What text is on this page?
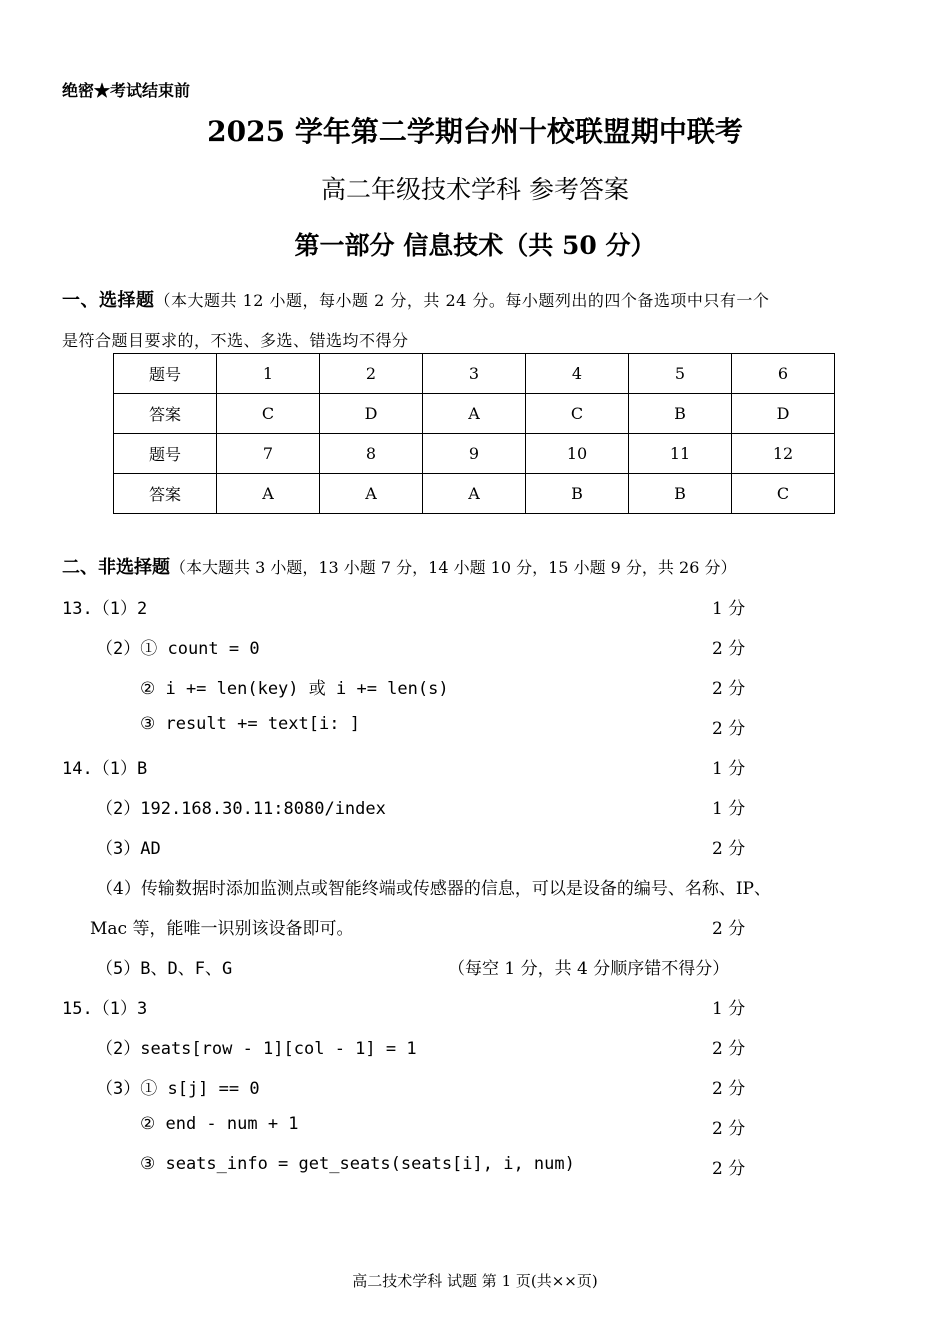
绝密★考试结束前
2025 学年第二学期台州十校联盟期中联考
高二年级技术学科 参考答案
第一部分 信息技术（共 50 分）
一、选择题（本大题共 12 小题，每小题 2 分，共 24 分。每小题列出的四个备选项中只有一个
是符合题目要求的，不选、多选、错选均不得分
题号	1	2	3	4	5	6
答案	C	D	A	C	B	D
题号	7	8	9	10	11	12
答案	A	A	A	B	B	C
二、非选择题（本大题共 3 小题，13 小题 7 分，14 小题 10 分，15 小题 9 分，共 26 分）
13.（1）2	1 分
（2）① count = 0	2 分
② i += len(key) 或 i += len(s)	2 分
③ result += text[i: ]	2 分
14.（1）B	1 分
（2）192.168.30.11:8080/index	1 分
（3）AD	2 分
（4）传输数据时添加监测点或智能终端或传感器的信息，可以是设备的编号、名称、IP、
Mac 等，能唯一识别该设备即可。	2 分
（5）B、D、F、G	（每空 1 分，共 4 分顺序错不得分）
15.（1）3	1 分
（2）seats[row - 1][col - 1] = 1	2 分
（3）① s[j] == 0	2 分
② end - num + 1	2 分
③ seats_info = get_seats(seats[i], i, num)	2 分
高二技术学科 试题 第 1 页(共××页)
